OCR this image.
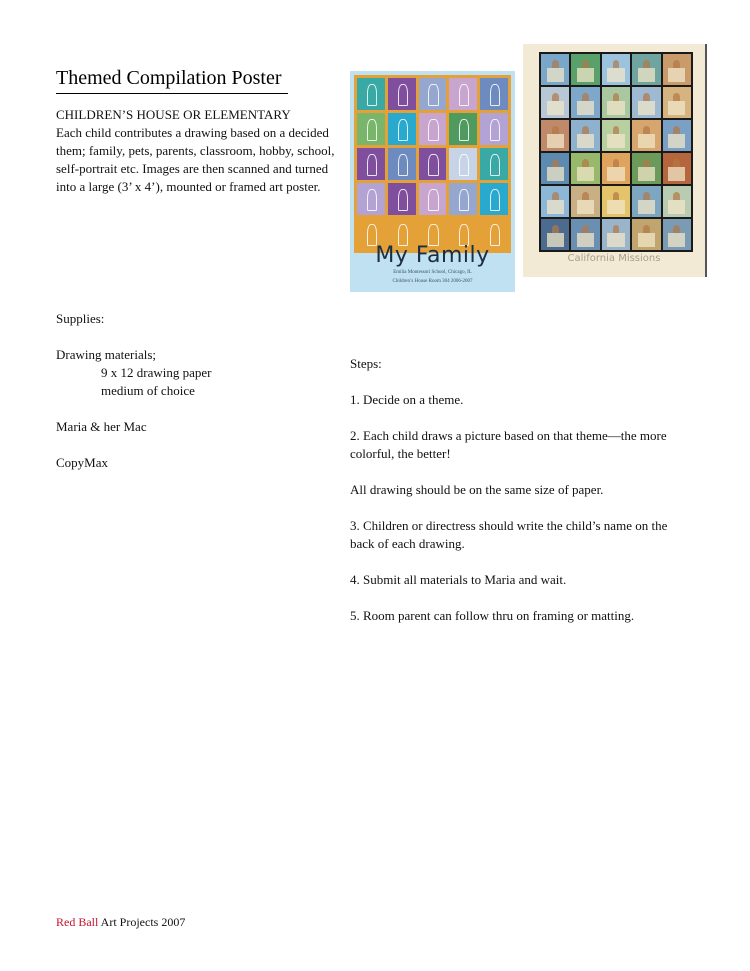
Themed Compilation Poster
CHILDREN’S HOUSE OR ELEMENTARY
Each child contributes a drawing based on a decided them; family, pets, parents, classroom, hobby, school, self-portrait etc. Images are then scanned and turned into a large (3’ x 4’), mounted or framed art poster.
My Family
Emilia Montessori School, Chicago, IL
Children’s House Room 304 2006-2007
California Missions
Supplies:
Drawing materials;
9 x 12 drawing paper
medium of choice
Maria & her Mac
CopyMax

Steps:

1. Decide on a theme.

2. Each child draws a picture based on that theme—the more colorful, the better!

All drawing should be on the same size of paper.

3. Children or directress should write the child’s name on the back of each drawing.

4. Submit all materials to Maria and wait.

5. Room parent can follow thru on framing or matting.

Red Ball Art Projects 2007
